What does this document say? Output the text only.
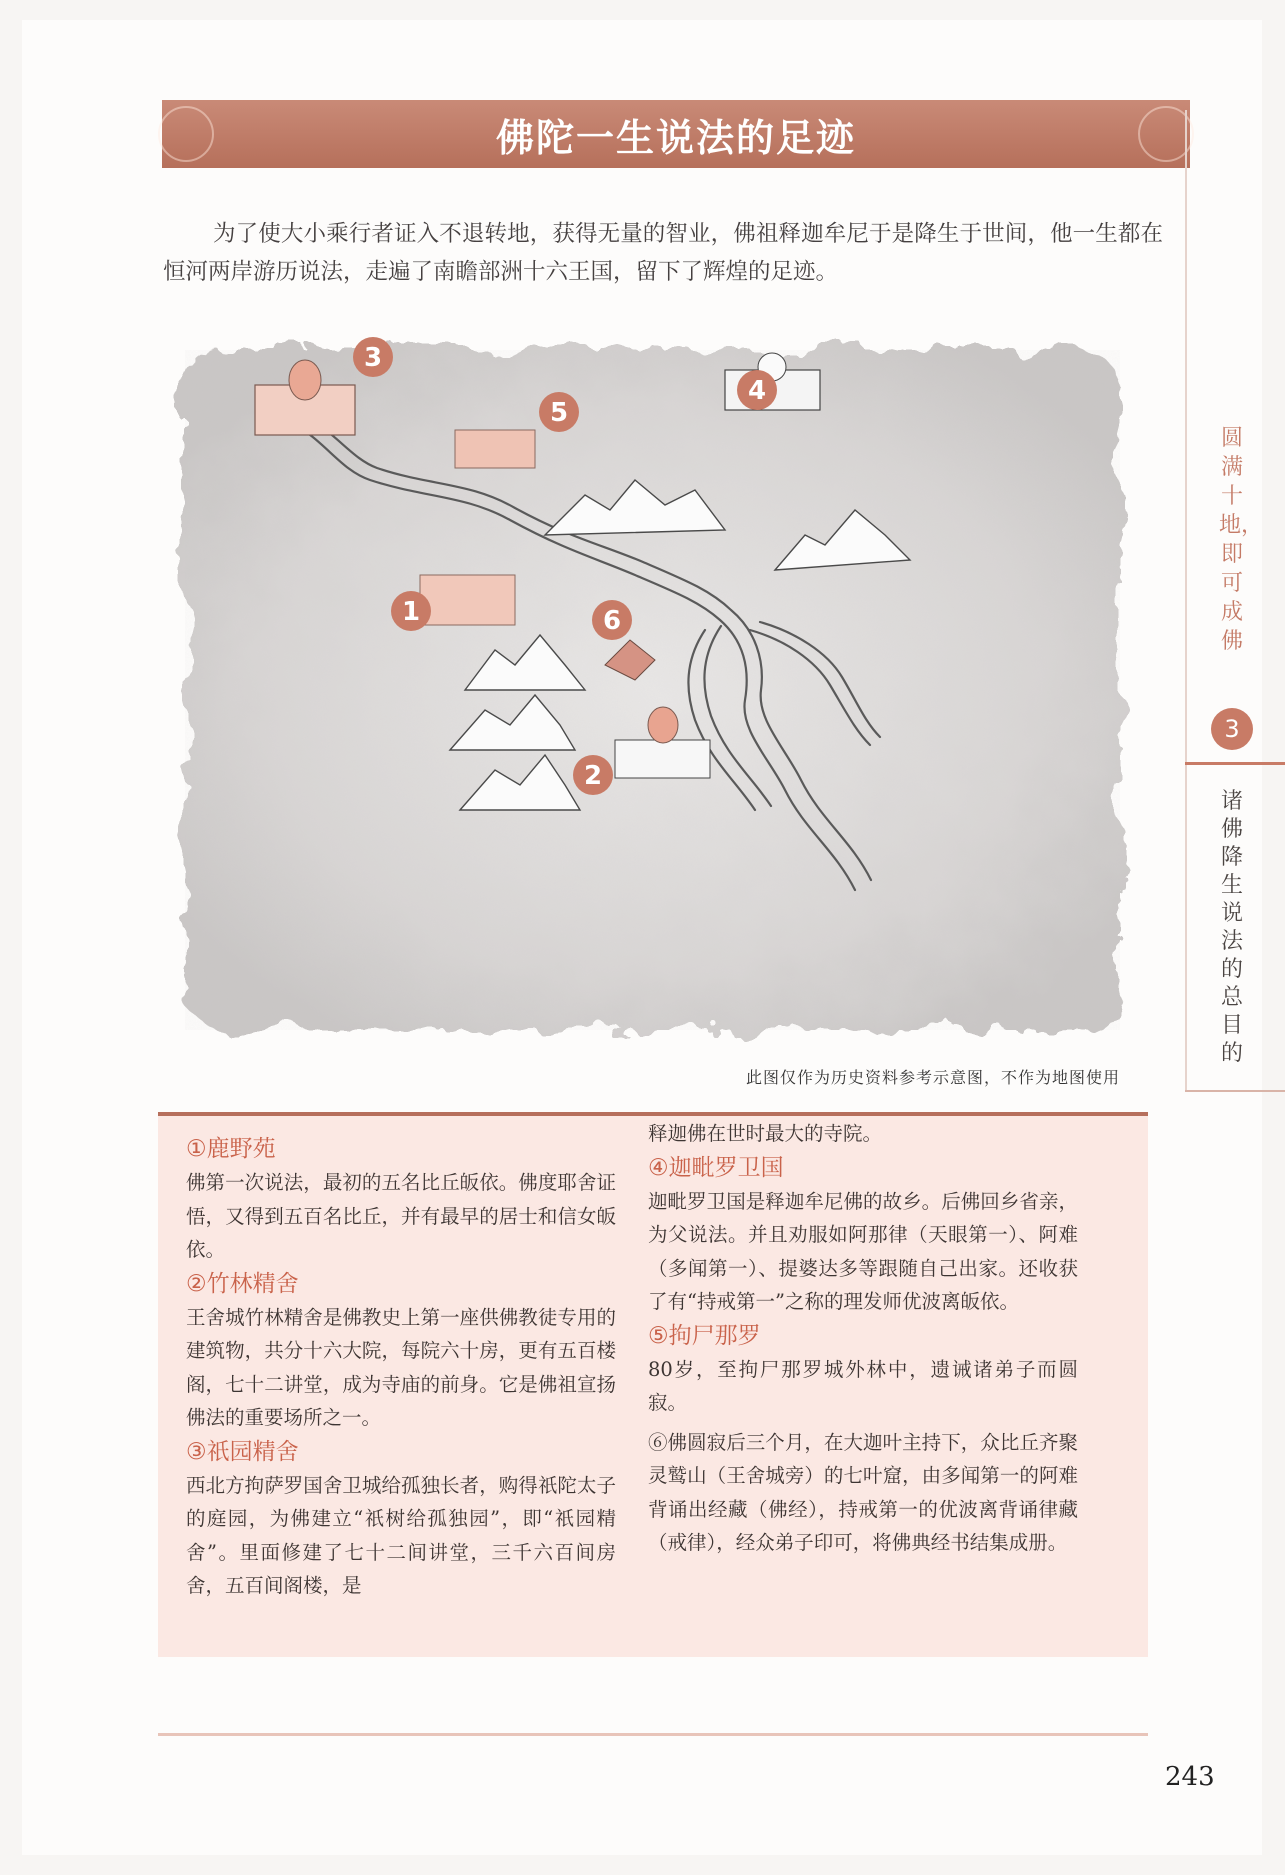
佛陀一生说法的足迹

为了使大小乘行者证入不退转地，获得无量的智业，佛祖释迦牟尼于是降生于世间，他一生都在恒河两岸游历说法，走遍了南瞻部洲十六王国，留下了辉煌的足迹。

3
4
5
1	6
2
此图仅作为历史资料参考示意图，不作为地图使用
圆满十地，即可成佛
3
诸佛降生说法的总目的
①鹿野苑

佛第一次说法，最初的五名比丘皈依。佛度耶舍证悟，又得到五百名比丘，并有最早的居士和信女皈依。

②竹林精舍

王舍城竹林精舍是佛教史上第一座供佛教徒专用的建筑物，共分十六大院，每院六十房，更有五百楼阁，七十二讲堂，成为寺庙的前身。它是佛祖宣扬佛法的重要场所之一。

③祇园精舍

西北方拘萨罗国舍卫城给孤独长者，购得祇陀太子的庭园，为佛建立“祇树给孤独园”，即“祇园精舍”。里面修建了七十二间讲堂，三千六百间房舍，五百间阁楼，是

释迦佛在世时最大的寺院。

④迦毗罗卫国

迦毗罗卫国是释迦牟尼佛的故乡。后佛回乡省亲，为父说法。并且劝服如阿那律（天眼第一）、阿难（多闻第一）、提婆达多等跟随自己出家。还收获了有“持戒第一”之称的理发师优波离皈依。

⑤拘尸那罗

80岁，至拘尸那罗城外林中，遗诫诸弟子而圆寂。

⑥佛圆寂后三个月，在大迦叶主持下，众比丘齐聚灵鹫山（王舍城旁）的七叶窟，由多闻第一的阿难背诵出经藏（佛经），持戒第一的优波离背诵律藏（戒律），经众弟子印可，将佛典经书结集成册。

243
